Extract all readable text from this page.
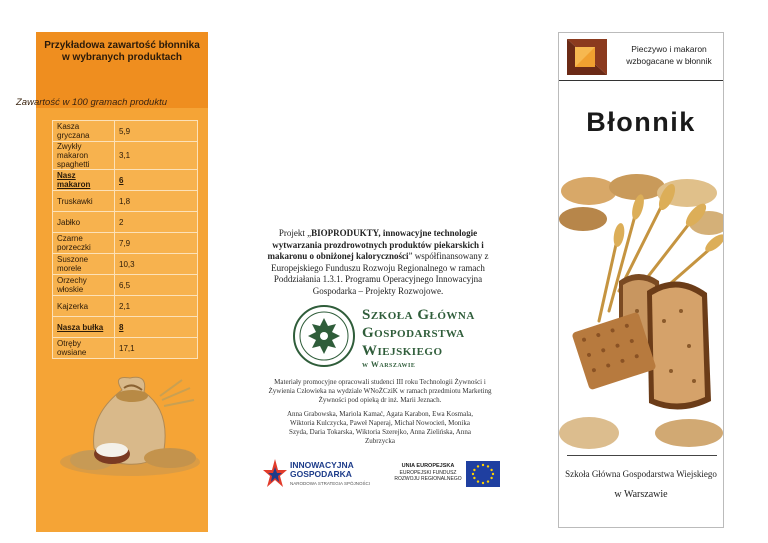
Przykładowa zawartość błonnika w wybranych produktach
Zawartość w 100 gramach produktu
Kasza gryczana	5,9
Zwykły makaron spaghetti	3,1
Nasz makaron	6
Truskawki	1,8
Jabłko	2
Czarne porzeczki	7,9
Suszone morele	10,3
Orzechy włoskie	6,5
Kajzerka	2,1
Nasza bułka	8
Otręby owsiane	17,1
Projekt „BIOPRODUKTY, innowacyjne technologie wytwarzania prozdrowotnych produktów piekarskich i makaronu o obniżonej kaloryczności” współfinansowany z Europejskiego Funduszu Rozwoju Regionalnego w ramach Poddziałania 1.3.1. Programu Operacyjnego Innowacyjna Gospodarka – Projekty Rozwojowe.
Szkoła Główna
Gospodarstwa
Wiejskiego
w Warszawie
Materiały promocyjne opracowali studenci III roku Technologii Żywności i Żywienia Człowieka na wydziale WNoŻCziK w ramach przedmiotu Marketing Żywności pod opieką dr inż. Marii Jeznach.
Anna Grabowska, Mariola Kamać, Agata Karabon, Ewa Kosmala, Wiktoria Kulczycka, Paweł Naperaj, Michał Nowocień, Monika Szyda, Daria Tokarska, Wiktoria Szerejko, Anna Zielińska, Anna Zubrzycka
INNOWACYJNA
GOSPODARKA
NARODOWA STRATEGIA SPÓJNOŚCI
UNIA EUROPEJSKA
EUROPEJSKI FUNDUSZ
ROZWOJU REGIONALNEGO
Pieczywo i makaron wzbogacane w błonnik
Błonnik
Szkoła Główna Gospodarstwa Wiejskiego
w Warszawie
